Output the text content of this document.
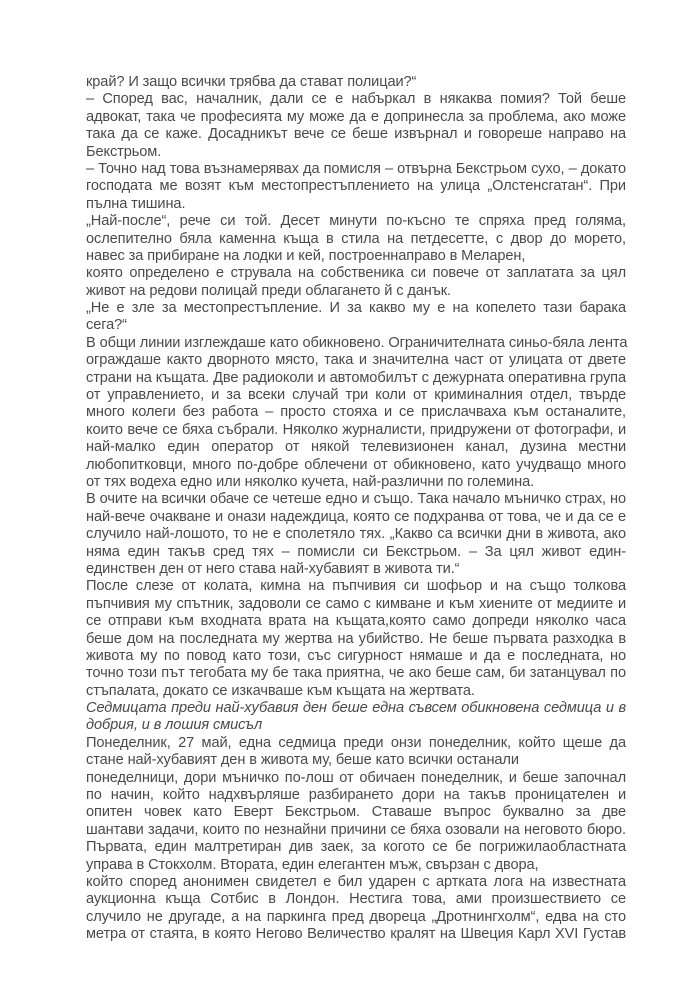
край? И защо всички трябва да стават полицаи?“
– Според вас, началник, дали се е набъркал в някаква помия? Той беше
адвокат, така че професията му може да е допринесла за проблема, ако може
така да се каже. Досадникът вече се беше извърнал и говореше направо на
Бекстрьом.
– Точно над това възнамерявах да помисля – отвърна Бекстрьом сухо, – докато
господата ме возят към местопрестъплението на улица „Олстенсгатан“. При
пълна тишина.
„Най-после“, рече си той. Десет минути по-късно те спряха пред голяма,
ослепително бяла каменна къща в стила на петдесетте, с двор до морето,
навес за прибиране на лодки и кей, построеннаправо в Меларен,
която определено е струвала на собственика си повече от заплатата за цял
живот на редови полицай преди облагането й с данък.
„Не е зле за местопрестъпление. И за какво му е на копелето тази барака
сега?“
В общи линии изглеждаше като обикновено. Ограничителната синьо-бяла лента
ограждаше както дворното място, така и значителна част от улицата от двете
страни на къщата. Две радиоколи и автомобилът с дежурната оперативна група
от управлението, и за всеки случай три коли от криминалния отдел, твърде
много колеги без работа – просто стояха и се прислачваха към останалите,
които вече се бяха събрали. Няколко журналисти, придружени от фотографи, и
най-малко един оператор от някой телевизионен канал, дузина местни
любопитковци, много по-добре облечени от обикновено, като учудващо много
от тях водеха едно или няколко кучета, най-различни по големина.
В очите на всички обаче се четеше едно и също. Така начало мъничко страх, но
най-вече очакване и онази надеждица, която се подхранва от това, че и да се е
случило най-лошото, то не е сполетяло тях. „Какво са всички дни в живота, ако
няма един такъв сред тях – помисли си Бекстрьом. – За цял живот един-
единствен ден от него става най-хубавият в живота ти.“
После слезе от колата, кимна на пъпчивия си шофьор и на също толкова
пъпчивия му спътник, задоволи се само с кимване и към хиените от медиите и
се отправи към входната врата на къщата,която само допреди няколко часа
беше дом на последната му жертва на убийство. Не беше първата разходка в
живота му по повод като този, със сигурност нямаше и да е последната, но
точно този път тегобата му бе така приятна, че ако беше сам, би затанцувал по
стъпалата, докато се изкачваше към къщата на жертвата.
Седмицата преди най-хубавия ден беше една съвсем обикновена седмица и в
добрия, и в лошия смисъл
Понеделник, 27 май, една седмица преди онзи понеделник, който щеше да
стане най-хубавият ден в живота му, беше като всички останали
понеделници, дори мъничко по-лош от обичаен понеделник, и беше започнал
по начин, който надхвърляше разбирането дори на такъв проницателен и
опитен човек като Еверт Бекстрьом. Ставаше въпрос буквално за две
шантави задачи, които по незнайни причини се бяха озовали на неговото бюро.
Първата, един малтретиран див заек, за когото се бе погрижилаобластната
управа в Стокхолм. Втората, един елегантен мъж, свързан с двора,
който според анонимен свидетел е бил ударен с артката лога на известната
аукционна къща Сотбис в Лондон. Нестига това, ами произшествието се
случило не другаде, а на паркинга пред двореца „Дротнингхолм“, едва на сто
метра от стаята, в която Негово Величество кралят на Швеция Карл XVI Густав
